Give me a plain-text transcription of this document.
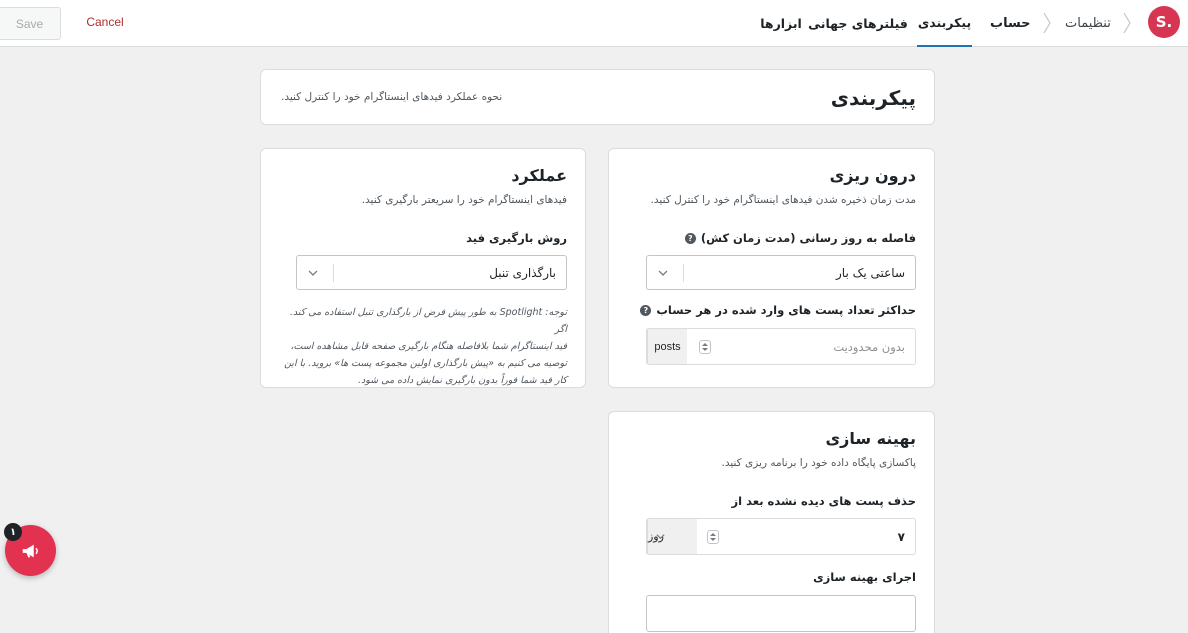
S.
تنظیمات
حساب
پیکربندی
فیلترهای جهانی
ابزارها
Cancel
Save
پیکربندی
نحوه عملکرد فیدهای اینستاگرام خود را کنترل کنید.
درون ریزی
مدت زمان ذخیره شدن فیدهای اینستاگرام خود را کنترل کنید.
فاصله به روز رسانی (مدت زمان کش)
?
ساعتی یک بار
حداکثر تعداد پست های وارد شده در هر حساب
?
بدون محدودیت
posts
عملکرد
فیدهای اینستاگرام خود را سریعتر بارگیری کنید.
روش بارگیری فید
بارگذاری تنبل
توجه: Spotlight به طور پیش فرض از بارگذاری تنبل استفاده می کند. اگر
فید اینستاگرام شما بلافاصله هنگام بارگیری صفحه قابل مشاهده است،
توصیه می کنیم به «پیش بارگذاری اولین مجموعه پست ها» بروید. با این
کار فید شما فوراً بدون بارگیری نمایش داده می شود.
بهینه سازی
پاکسازی پایگاه داده خود را برنامه ریزی کنید.
حذف پست های دیده نشده بعد از
۷
روز
اجرای بهینه سازی
۱
